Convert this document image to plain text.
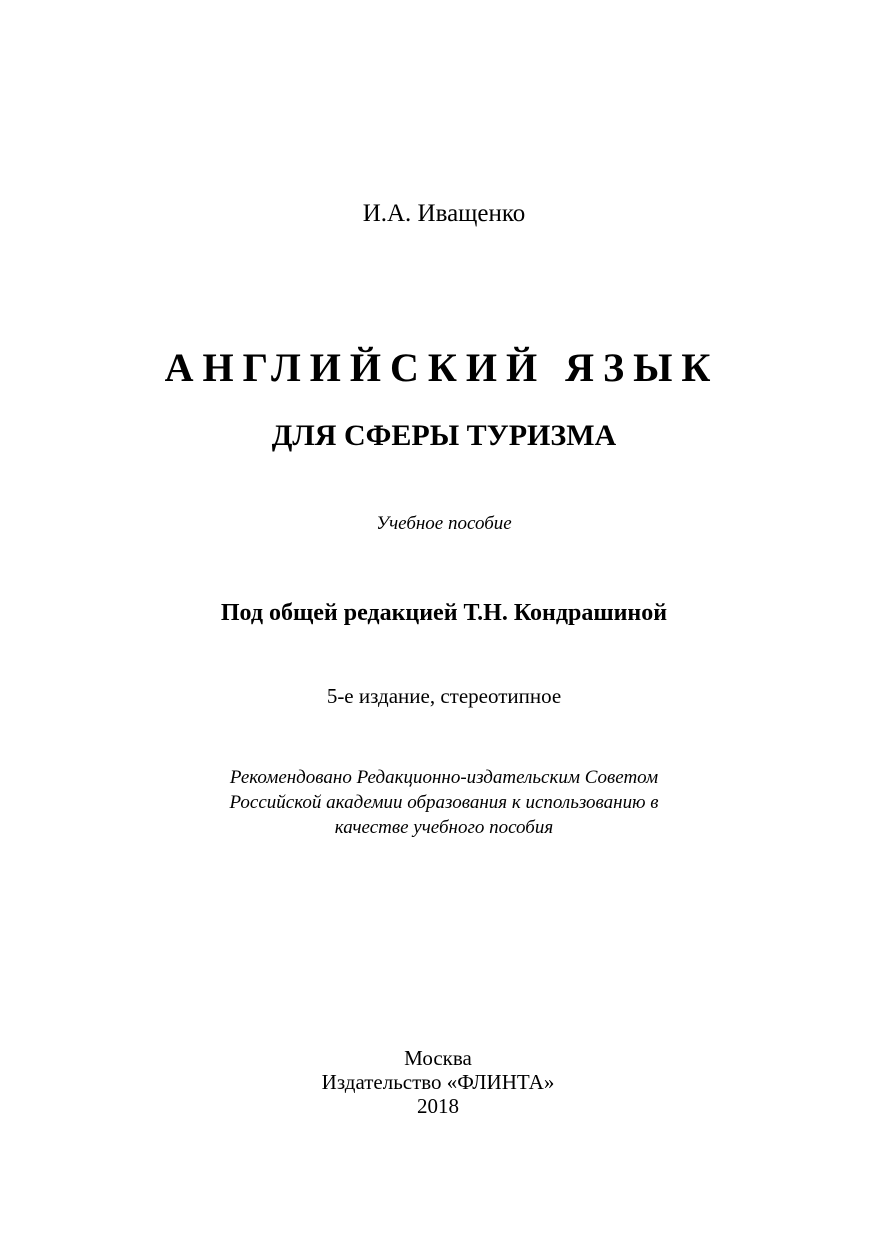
И.А. Иващенко

АНГЛИЙСКИЙ ЯЗЫК

ДЛЯ СФЕРЫ ТУРИЗМА

Учебное пособие

Под общей редакцией Т.Н. Кондрашиной

5-е издание, стереотипное

Рекомендовано Редакционно-издательским Советом
Российской академии образования к использованию в
качестве учебного пособия
Москва
Издательство «ФЛИНТА»
2018
